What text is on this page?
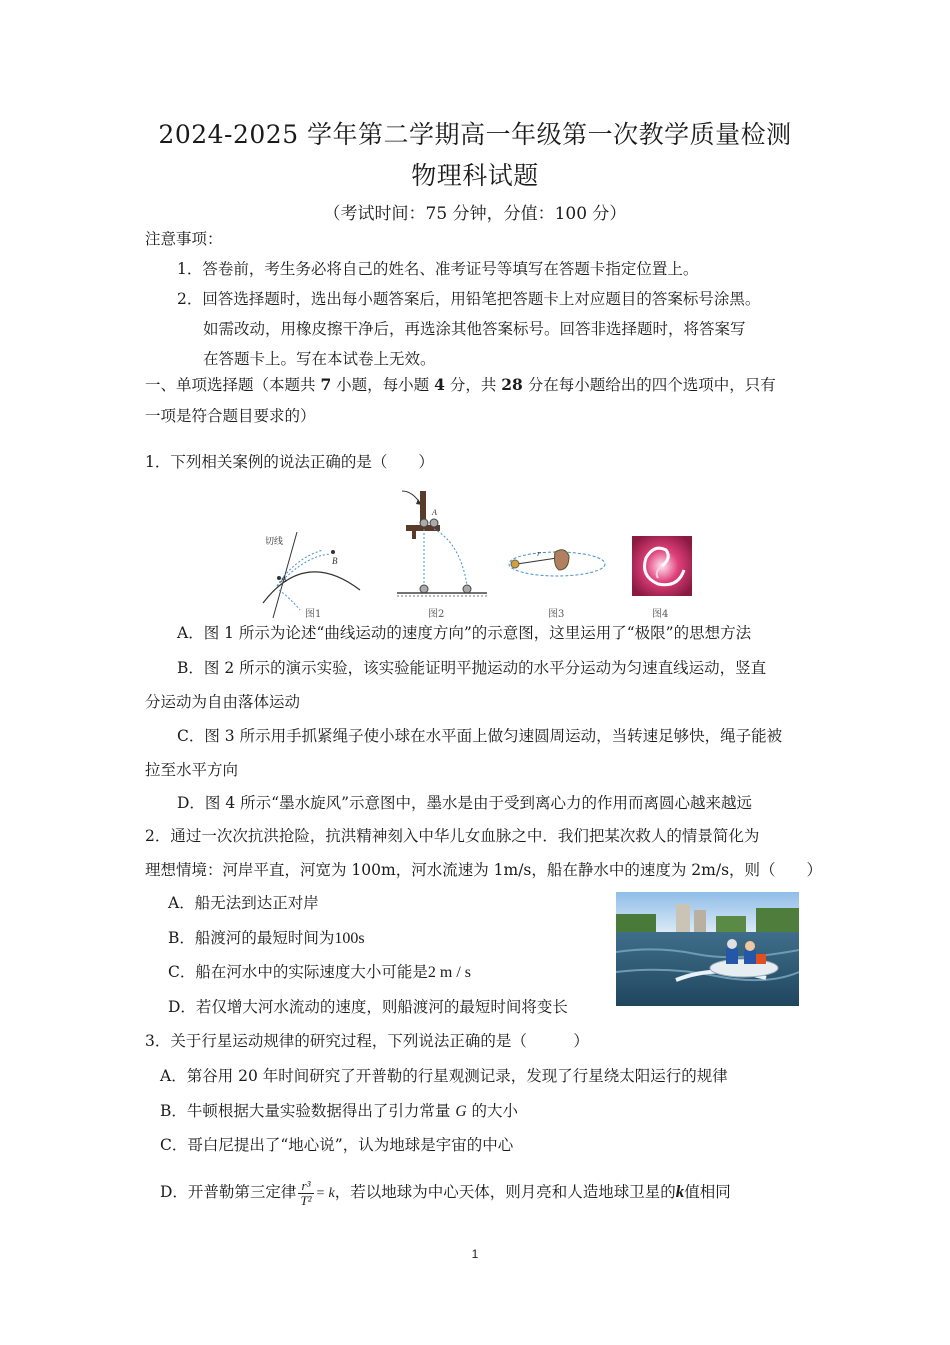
2024-2025 学年第二学期高一年级第一次教学质量检测
物理科试题
（考试时间：75 分钟，分值：100 分）
注意事项：
1．答卷前，考生务必将自己的姓名、准考证号等填写在答题卡指定位置上。
2．回答选择题时，选出每小题答案后，用铅笔把答题卡上对应题目的答案标号涂黑。
如需改动，用橡皮擦干净后，再选涂其他答案标号。回答非选择题时，将答案写
在答题卡上。写在本试卷上无效。
一、单项选择题（本题共 7 小题，每小题 4 分，共 28 分在每小题给出的四个选项中，只有
一项是符合题目要求的）
1．下列相关案例的说法正确的是（　　）
切线
A
B
图1
A
图2
r
图3	图4
A．图 1 所示为论述“曲线运动的速度方向”的示意图，这里运用了“极限”的思想方法
B．图 2 所示的演示实验，该实验能证明平抛运动的水平分运动为匀速直线运动，竖直
分运动为自由落体运动
C．图 3 所示用手抓紧绳子使小球在水平面上做匀速圆周运动，当转速足够快，绳子能被
拉至水平方向
D．图 4 所示“墨水旋风”示意图中，墨水是由于受到离心力的作用而离圆心越来越远
2．通过一次次抗洪抢险，抗洪精神刻入中华儿女血脉之中．我们把某次救人的情景简化为
理想情境：河岸平直，河宽为 100m，河水流速为 1m/s，船在静水中的速度为 2m/s，则（　　）
A．船无法到达正对岸
B．船渡河的最短时间为100s
C．船在河水中的实际速度大小可能是2 m / s
D．若仅增大河水流动的速度，则船渡河的最短时间将变长
3．关于行星运动规律的研究过程，下列说法正确的是（　　　）
A．第谷用 20 年时间研究了开普勒的行星观测记录，发现了行星绕太阳运行的规律
B．牛顿根据大量实验数据得出了引力常量 G 的大小
C．哥白尼提出了“地心说”，认为地球是宇宙的中心
D．开普勒第三定律 $\frac{\text{r³}}{\text{T²}} = k$，若以地球为中心天体，则月亮和人造地球卫星的k值相同
1
